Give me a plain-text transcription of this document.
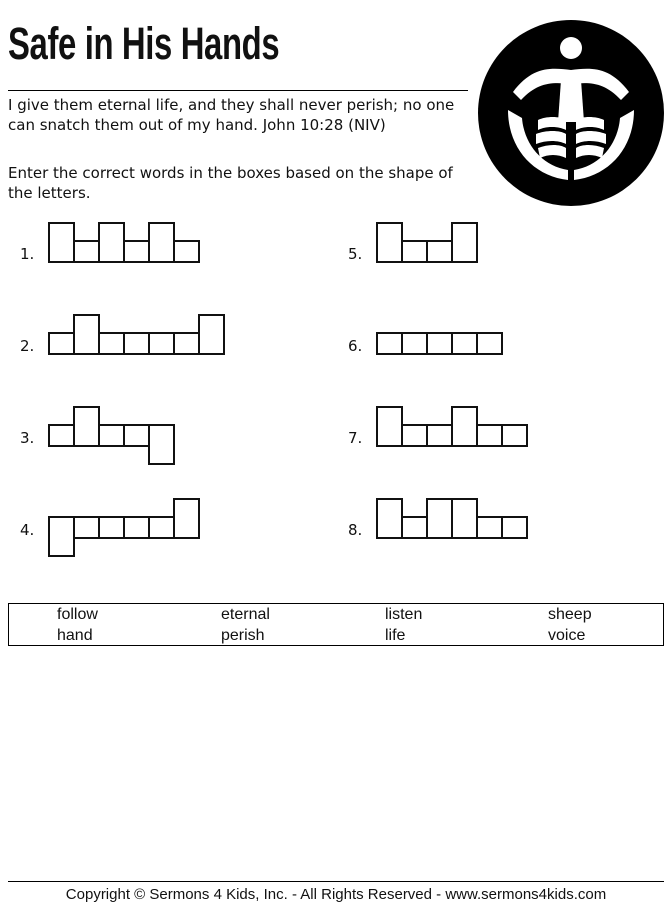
Safe in His Hands
I give them eternal life, and they shall never perish; no one can snatch them out of my hand. John 10:28 (NIV)
Enter the correct words in the boxes based on the shape of the letters.
1.
2.
3.
4.
5.
6.
7.
8.
follow	eternal	listen	sheep
hand	perish	life	voice
Copyright © Sermons 4 Kids, Inc. - All Rights Reserved - www.sermons4kids.com
